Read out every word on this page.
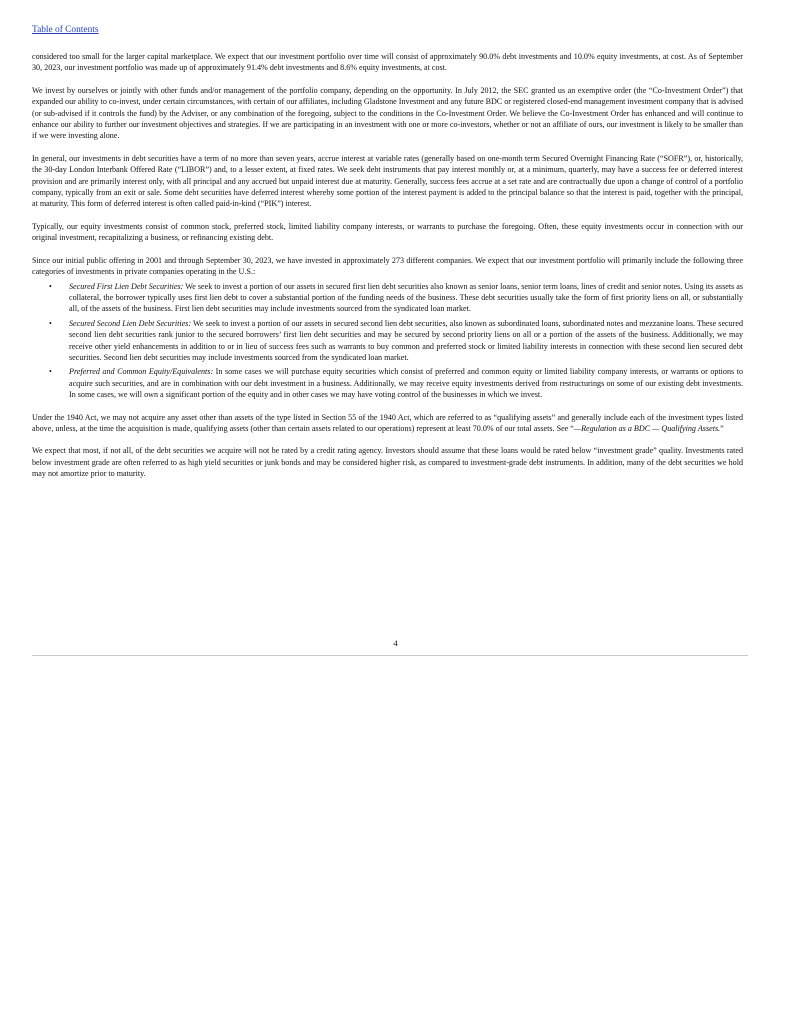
Table of Contents

considered too small for the larger capital marketplace. We expect that our investment portfolio over time will consist of approximately 90.0% debt investments and 10.0% equity investments, at cost. As of September 30, 2023, our investment portfolio was made up of approximately 91.4% debt investments and 8.6% equity investments, at cost.

We invest by ourselves or jointly with other funds and/or management of the portfolio company, depending on the opportunity. In July 2012, the SEC granted us an exemptive order (the “Co-Investment Order”) that expanded our ability to co-invest, under certain circumstances, with certain of our affiliates, including Gladstone Investment and any future BDC or registered closed-end management investment company that is advised (or sub-advised if it controls the fund) by the Adviser, or any combination of the foregoing, subject to the conditions in the Co-Investment Order. We believe the Co-Investment Order has enhanced and will continue to enhance our ability to further our investment objectives and strategies. If we are participating in an investment with one or more co-investors, whether or not an affiliate of ours, our investment is likely to be smaller than if we were investing alone.

In general, our investments in debt securities have a term of no more than seven years, accrue interest at variable rates (generally based on one-month term Secured Overnight Financing Rate (“SOFR”), or, historically, the 30-day London Interbank Offered Rate (“LIBOR”) and, to a lesser extent, at fixed rates. We seek debt instruments that pay interest monthly or, at a minimum, quarterly, may have a success fee or deferred interest provision and are primarily interest only, with all principal and any accrued but unpaid interest due at maturity. Generally, success fees accrue at a set rate and are contractually due upon a change of control of a portfolio company, typically from an exit or sale. Some debt securities have deferred interest whereby some portion of the interest payment is added to the principal balance so that the interest is paid, together with the principal, at maturity. This form of deferred interest is often called paid-in-kind (“PIK”) interest.

Typically, our equity investments consist of common stock, preferred stock, limited liability company interests, or warrants to purchase the foregoing. Often, these equity investments occur in connection with our original investment, recapitalizing a business, or refinancing existing debt.

Since our initial public offering in 2001 and through September 30, 2023, we have invested in approximately 273 different companies. We expect that our investment portfolio will primarily include the following three categories of investments in private companies operating in the U.S.:

• Secured First Lien Debt Securities: We seek to invest a portion of our assets in secured first lien debt securities also known as senior loans, senior term loans, lines of credit and senior notes. Using its assets as collateral, the borrower typically uses first lien debt to cover a substantial portion of the funding needs of the business. These debt securities usually take the form of first priority liens on all, or substantially all, of the assets of the business. First lien debt securities may include investments sourced from the syndicated loan market.
• Secured Second Lien Debt Securities: We seek to invest a portion of our assets in secured second lien debt securities, also known as subordinated loans, subordinated notes and mezzanine loans. These secured second lien debt securities rank junior to the secured borrowers’ first lien debt securities and may be secured by second priority liens on all or a portion of the assets of the business. Additionally, we may receive other yield enhancements in addition to or in lieu of success fees such as warrants to buy common and preferred stock or limited liability interests in connection with these second lien secured debt securities. Second lien debt securities may include investments sourced from the syndicated loan market.
• Preferred and Common Equity/Equivalents: In some cases we will purchase equity securities which consist of preferred and common equity or limited liability company interests, or warrants or options to acquire such securities, and are in combination with our debt investment in a business. Additionally, we may receive equity investments derived from restructurings on some of our existing debt investments. In some cases, we will own a significant portion of the equity and in other cases we may have voting control of the businesses in which we invest.

Under the 1940 Act, we may not acquire any asset other than assets of the type listed in Section 55 of the 1940 Act, which are referred to as “qualifying assets” and generally include each of the investment types listed above, unless, at the time the acquisition is made, qualifying assets (other than certain assets related to our operations) represent at least 70.0% of our total assets. See “—Regulation as a BDC — Qualifying Assets.”

We expect that most, if not all, of the debt securities we acquire will not be rated by a credit rating agency. Investors should assume that these loans would be rated below “investment grade” quality. Investments rated below investment grade are often referred to as high yield securities or junk bonds and may be considered higher risk, as compared to investment-grade debt instruments. In addition, many of the debt securities we hold may not amortize prior to maturity.

4
